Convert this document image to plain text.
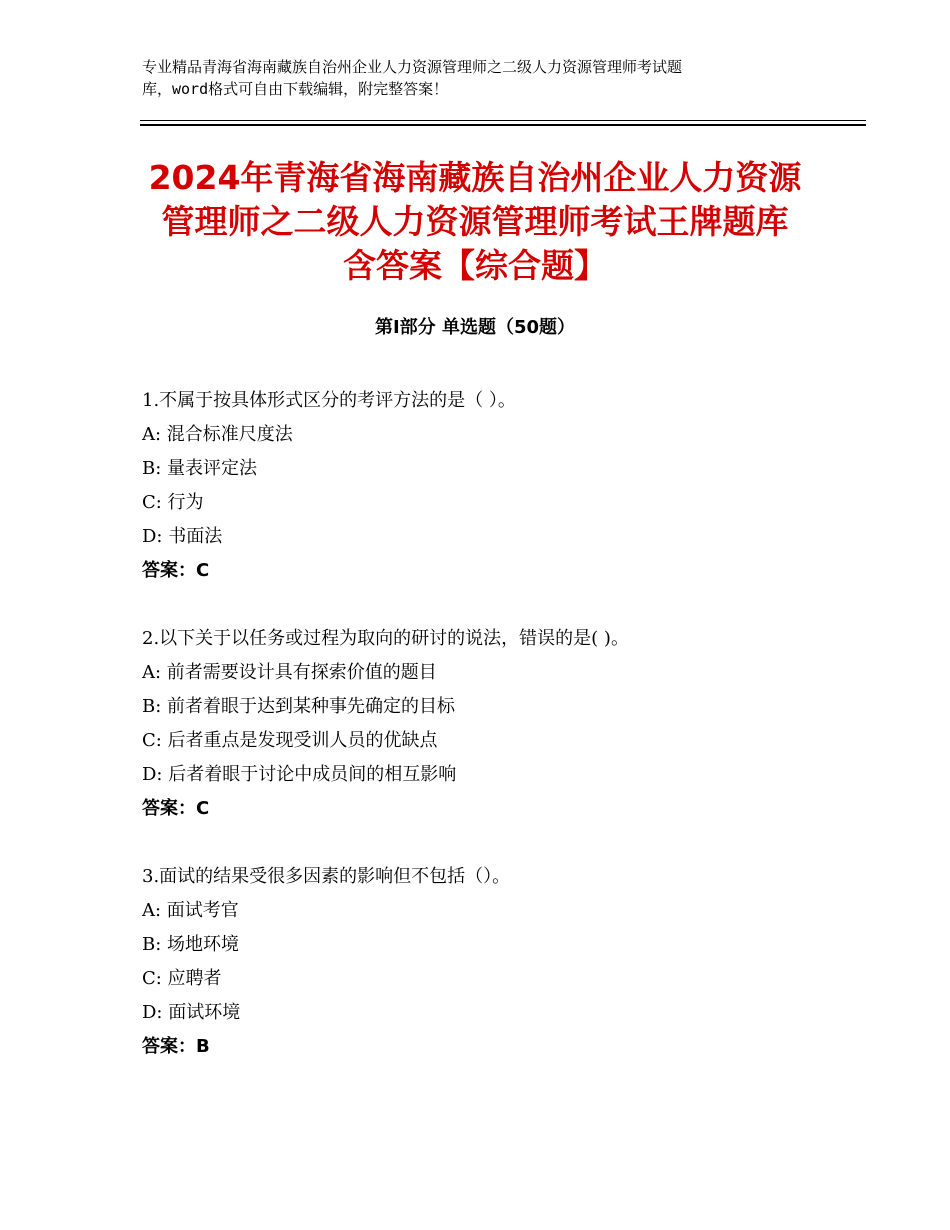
专业精品青海省海南藏族自治州企业人力资源管理师之二级人力资源管理师考试题
库，word格式可自由下载编辑，附完整答案！
2024年青海省海南藏族自治州企业人力资源
管理师之二级人力资源管理师考试王牌题库
含答案【综合题】
第Ⅰ部分 单选题（50题）
1.不属于按具体形式区分的考评方法的是（ ）。
A: 混合标准尺度法
B: 量表评定法
C: 行为
D: 书面法
答案：C
2.以下关于以任务或过程为取向的研讨的说法，错误的是( )。
A: 前者需要设计具有探索价值的题目
B: 前者着眼于达到某种事先确定的目标
C: 后者重点是发现受训人员的优缺点
D: 后者着眼于讨论中成员间的相互影响
答案：C
3.面试的结果受很多因素的影响但不包括（）。
A: 面试考官
B: 场地环境
C: 应聘者
D: 面试环境
答案：B
